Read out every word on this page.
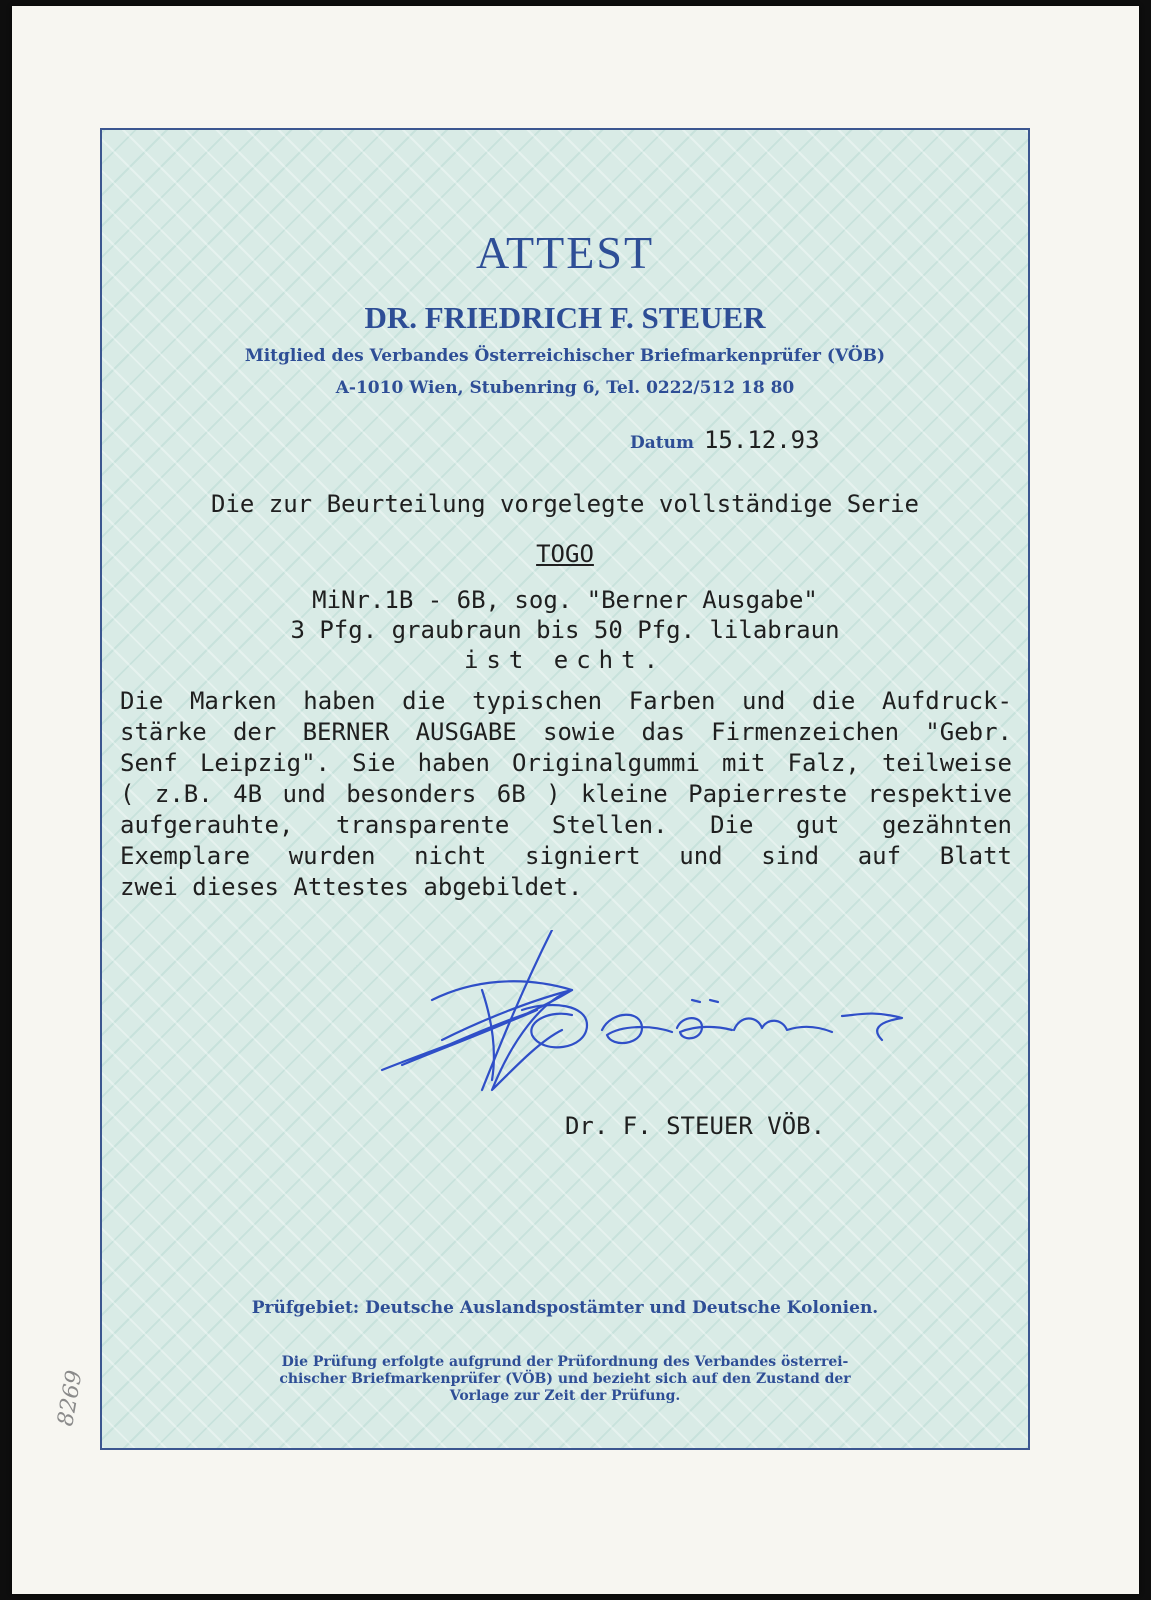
ATTEST
DR. FRIEDRICH F. STEUER
Mitglied des Verbandes Österreichischer Briefmarkenprüfer (VÖB)
A-1010 Wien, Stubenring 6, Tel. 0222/512 18 80
Datum 15.12.93
Die zur Beurteilung vorgelegte vollständige Serie
TOGO
MiNr.1B - 6B, sog. "Berner Ausgabe"
3 Pfg. graubraun bis 50 Pfg. lilabraun
ist echt.
Die Marken haben die typischen Farben und die Aufdruck-
stärke der BERNER AUSGABE sowie das Firmenzeichen "Gebr.
Senf Leipzig". Sie haben Originalgummi mit Falz, teilweise
( z.B. 4B und besonders 6B ) kleine Papierreste respektive
aufgerauhte, transparente Stellen. Die gut gezähnten
Exemplare wurden nicht signiert und sind auf Blatt
zwei dieses Attestes abgebildet.
Dr. F. STEUER VÖB.
Prüfgebiet: Deutsche Auslandspostämter und Deutsche Kolonien.
Die Prüfung erfolgte aufgrund der Prüfordnung des Verbandes österrei-
chischer Briefmarkenprüfer (VÖB) und bezieht sich auf den Zustand der
Vorlage zur Zeit der Prüfung.
8269
